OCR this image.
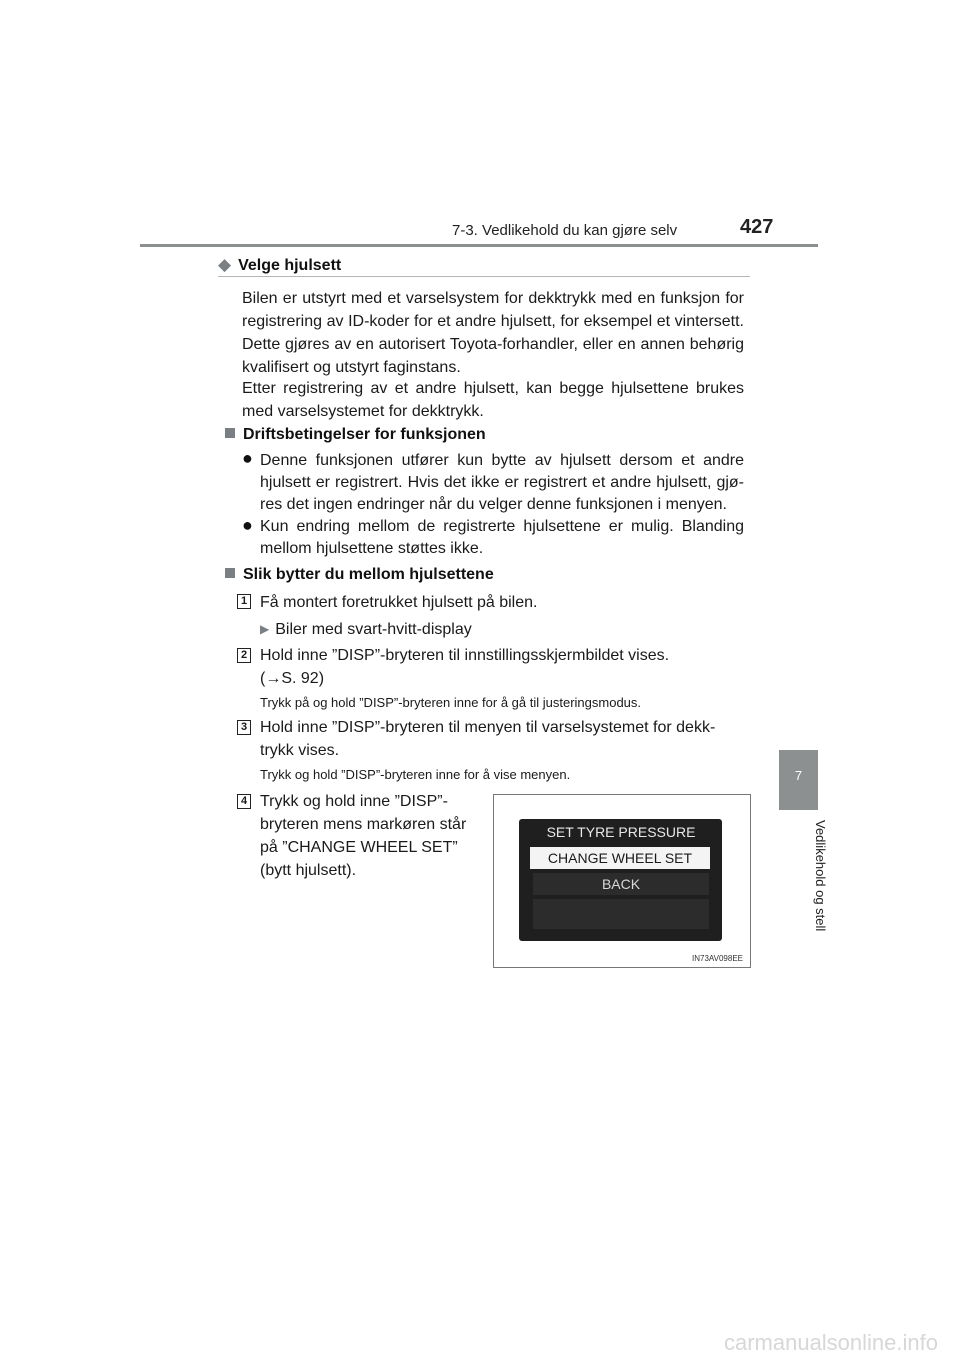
7-3. Vedlikehold du kan gjøre selv	427
7
Vedlikehold og stell
◆ Velge hjulsett
Bilen er utstyrt med et varselsystem for dekktrykk med en funksjon for registrering av ID-koder for et andre hjulsett, for eksempel et vintersett. Dette gjøres av en autorisert Toyota-forhandler, eller en annen behørig kvalifisert og utstyrt faginstans.
Etter registrering av et andre hjulsett, kan begge hjulsettene brukes med varselsystemet for dekktrykk.
Driftsbetingelser for funksjonen
● Denne funksjonen utfører kun bytte av hjulsett dersom et andre hjulsett er registrert. Hvis det ikke er registrert et andre hjulsett, gjø-res det ingen endringer når du velger denne funksjonen i menyen.
● Kun endring mellom de registrerte hjulsettene er mulig. Blanding mellom hjulsettene støttes ikke.
Slik bytter du mellom hjulsettene
1 Få montert foretrukket hjulsett på bilen.
▶ Biler med svart-hvitt-display
2 Hold inne ”DISP”-bryteren til innstillingsskjermbildet vises.
(→S. 92)
Trykk på og hold ”DISP”-bryteren inne for å gå til justeringsmodus.
3 Hold inne ”DISP”-bryteren til menyen til varselsystemet for dekk-
trykk vises.
Trykk og hold ”DISP”-bryteren inne for å vise menyen.
4 Trykk og hold inne ”DISP”-
bryteren mens markøren står
på ”CHANGE WHEEL SET”
(bytt hjulsett).
SET TYRE PRESSURE
CHANGE WHEEL SET
BACK
IN73AV098EE
carmanualsonline.info
